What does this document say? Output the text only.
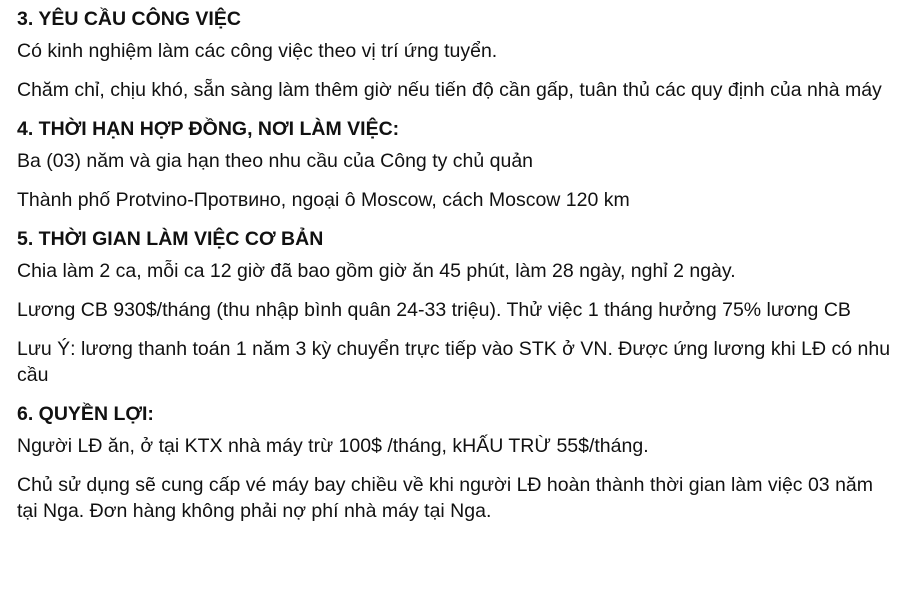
3. YÊU CẦU CÔNG VIỆC
Có kinh nghiệm làm các công việc theo vị trí ứng tuyển.
Chăm chỉ, chịu khó, sẵn sàng làm thêm giờ nếu tiến độ cần gấp, tuân thủ các quy định của nhà máy
4. THỜI HẠN HỢP ĐỒNG, NƠI LÀM VIỆC:
Ba (03) năm và gia hạn theo nhu cầu của Công ty chủ quản
Thành phố Protvino-Протвино, ngoại ô Moscow, cách Moscow 120 km
5. THỜI GIAN LÀM VIỆC CƠ BẢN
Chia làm 2 ca, mỗi ca 12 giờ đã bao gồm giờ ăn 45 phút, làm 28 ngày, nghỉ 2 ngày.
Lương CB 930$/tháng (thu nhập bình quân 24-33 triệu). Thử việc 1 tháng hưởng 75% lương CB
Lưu Ý: lương thanh toán 1 năm 3 kỳ chuyển trực tiếp vào STK ở VN. Được ứng lương khi LĐ có nhu cầu
6. QUYỀN LỢI:
Người LĐ ăn, ở tại KTX nhà máy trừ 100$ /tháng, kHẤU TRỪ 55$/tháng.
Chủ sử dụng sẽ cung cấp vé máy bay chiều về khi người LĐ hoàn thành thời gian làm việc 03 năm tại Nga. Đơn hàng không phải nợ phí nhà máy tại Nga.
